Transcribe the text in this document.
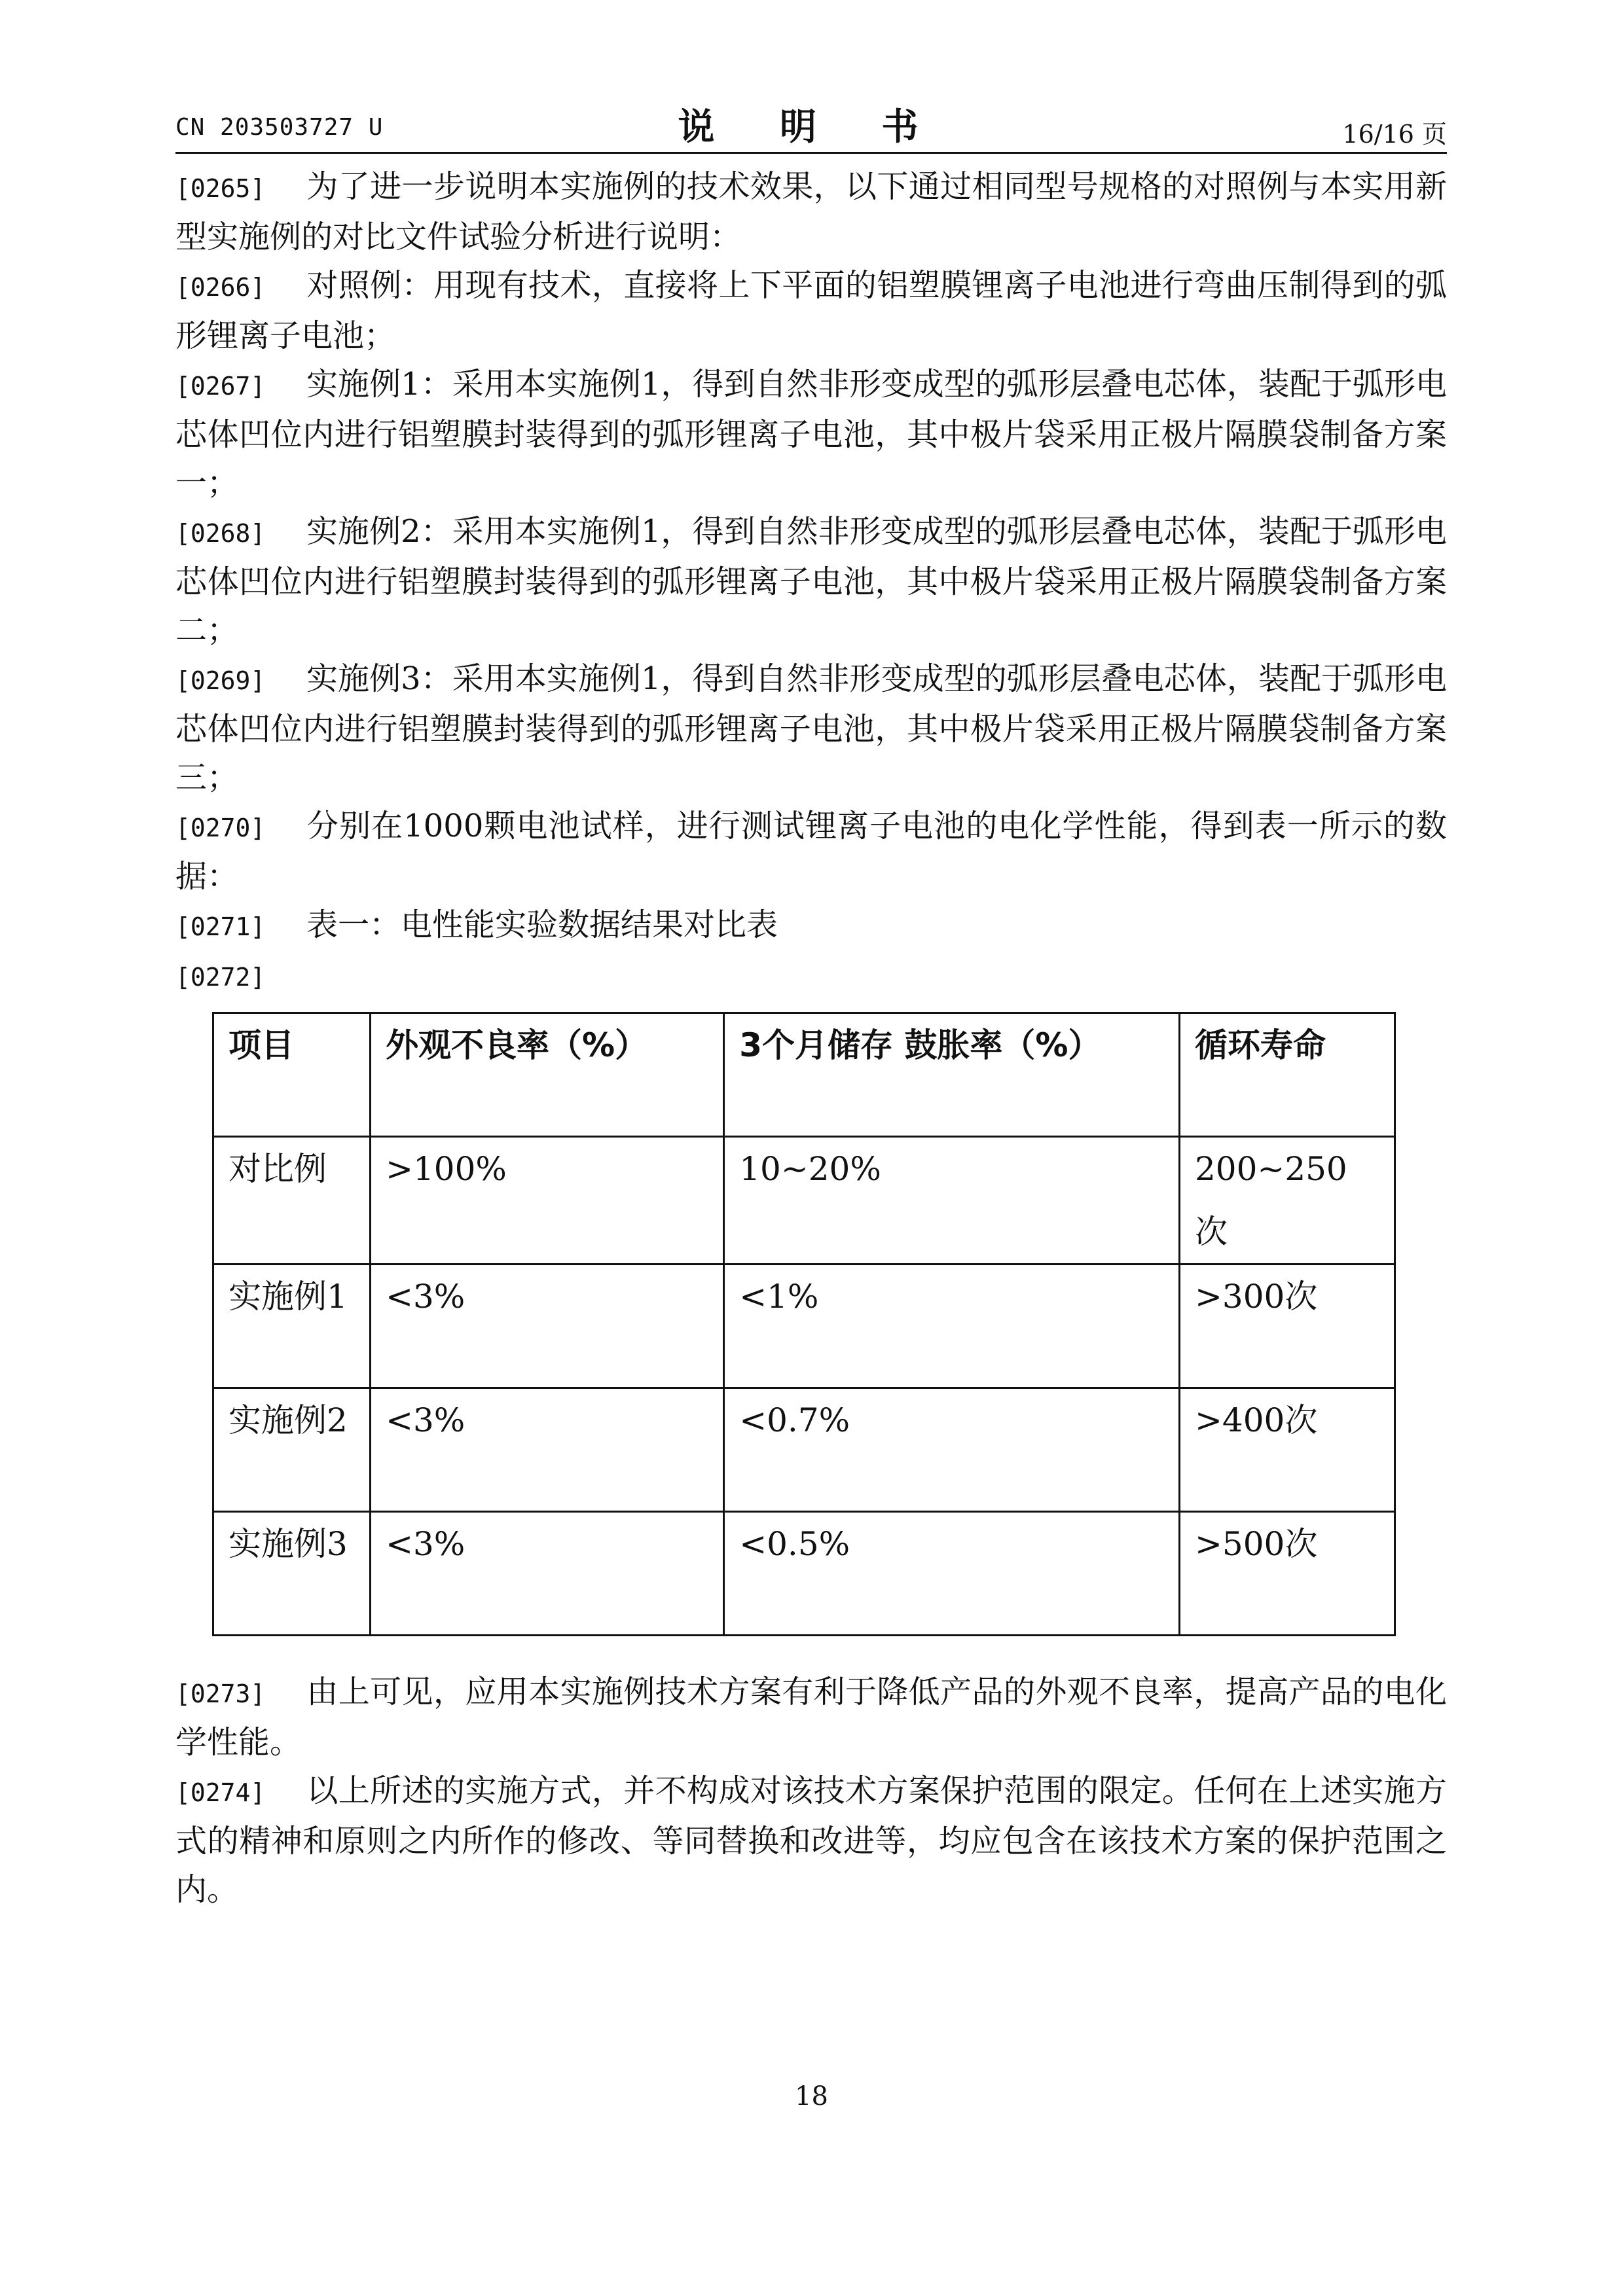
CN 203503727 U	说 明 书	16/16 页

[0265] 为了进一步说明本实施例的技术效果，以下通过相同型号规格的对照例与本实用新型实施例的对比文件试验分析进行说明：

[0266] 对照例：用现有技术，直接将上下平面的铝塑膜锂离子电池进行弯曲压制得到的弧形锂离子电池；

[0267] 实施例1：采用本实施例1，得到自然非形变成型的弧形层叠电芯体，装配于弧形电芯体凹位内进行铝塑膜封装得到的弧形锂离子电池，其中极片袋采用正极片隔膜袋制备方案一；

[0268] 实施例2：采用本实施例1，得到自然非形变成型的弧形层叠电芯体，装配于弧形电芯体凹位内进行铝塑膜封装得到的弧形锂离子电池，其中极片袋采用正极片隔膜袋制备方案二；

[0269] 实施例3：采用本实施例1，得到自然非形变成型的弧形层叠电芯体，装配于弧形电芯体凹位内进行铝塑膜封装得到的弧形锂离子电池，其中极片袋采用正极片隔膜袋制备方案三；

[0270] 分别在1000颗电池试样，进行测试锂离子电池的电化学性能，得到表一所示的数据：

[0271] 表一：电性能实验数据结果对比表

[0272]

项目	外观不良率（%）	3个月储存 鼓胀率（%）	循环寿命
对比例	>100%	10~20%	200~250次
实施例1	<3%	<1%	>300次
实施例2	<3%	<0.7%	>400次
实施例3	<3%	<0.5%	>500次

[0273] 由上可见，应用本实施例技术方案有利于降低产品的外观不良率，提高产品的电化学性能。

[0274] 以上所述的实施方式，并不构成对该技术方案保护范围的限定。任何在上述实施方式的精神和原则之内所作的修改、等同替换和改进等，均应包含在该技术方案的保护范围之内。

18
